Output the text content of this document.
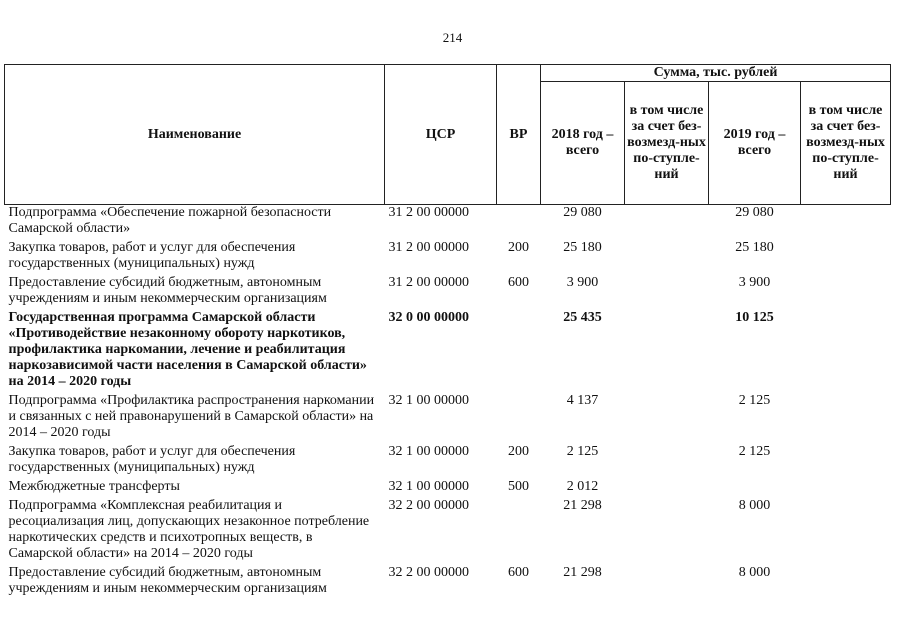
214
Наименование	ЦСР	ВР	Сумма, тыс. рублей			
			2018 год – всего	в том числе за счет без-возмезд-ных по-ступле-ний	2019 год – всего	в том числе за счет без-возмезд-ных по-ступле-ний
Подпрограмма «Обеспечение пожарной безопасности Самарской области»	31 2 00 00000		29 080		29 080	
Закупка товаров, работ и услуг для обеспечения государственных (муниципальных) нужд	31 2 00 00000	200	25 180		25 180	
Предоставление субсидий бюджетным, автономным учреждениям и иным некоммерческим организациям	31 2 00 00000	600	3 900		3 900	
Государственная программа Самарской области «Противодействие незаконному обороту наркотиков, профилактика наркомании, лечение и реабилитация наркозависимой части населения в Самарской области» на 2014 – 2020 годы	32 0 00 00000		25 435		10 125	
Подпрограмма «Профилактика распространения наркомании и связанных с ней правонарушений в Самарской области» на 2014 – 2020 годы	32 1 00 00000		4 137		2 125	
Закупка товаров, работ и услуг для обеспечения государственных (муниципальных) нужд	32 1 00 00000	200	2 125		2 125	
Межбюджетные трансферты	32 1 00 00000	500	2 012			
Подпрограмма «Комплексная реабилитация и ресоциализация лиц, допускающих незаконное потребление наркотических средств и психотропных веществ, в Самарской области» на 2014 – 2020 годы	32 2 00 00000		21 298		8 000	
Предоставление субсидий бюджетным, автономным учреждениям и иным некоммерческим организациям	32 2 00 00000	600	21 298		8 000	
